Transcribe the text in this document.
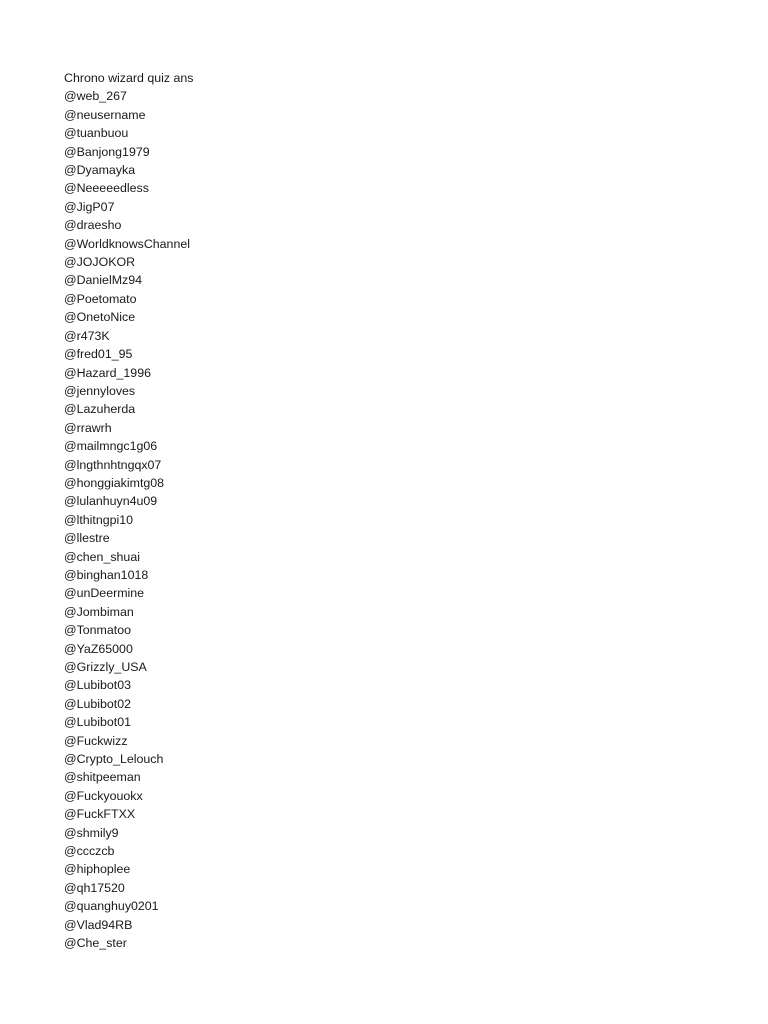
Chrono wizard quiz ans
@web_267
@neusername
@tuanbuou
@Banjong1979
@Dyamayka
@Neeeeedless
@JigP07
@draesho
@WorldknowsChannel
@JOJOKOR
@DanielMz94
@Poetomato
@OnetoNice
@r473K
@fred01_95
@Hazard_1996
@jennyloves
@Lazuherda
@rrawrh
@mailmngc1g06
@lngthnhtngqx07
@honggiakimtg08
@lulanhuyn4u09
@lthitngpi10
@llestre
@chen_shuai
@binghan1018
@unDeermine
@Jombiman
@Tonmatoo
@YaZ65000
@Grizzly_USA
@Lubibot03
@Lubibot02
@Lubibot01
@Fuckwizz
@Crypto_Lelouch
@shitpeeman
@Fuckyouokx
@FuckFTXX
@shmily9
@ccczcb
@hiphoplee
@qh17520
@quanghuy0201
@Vlad94RB
@Che_ster
